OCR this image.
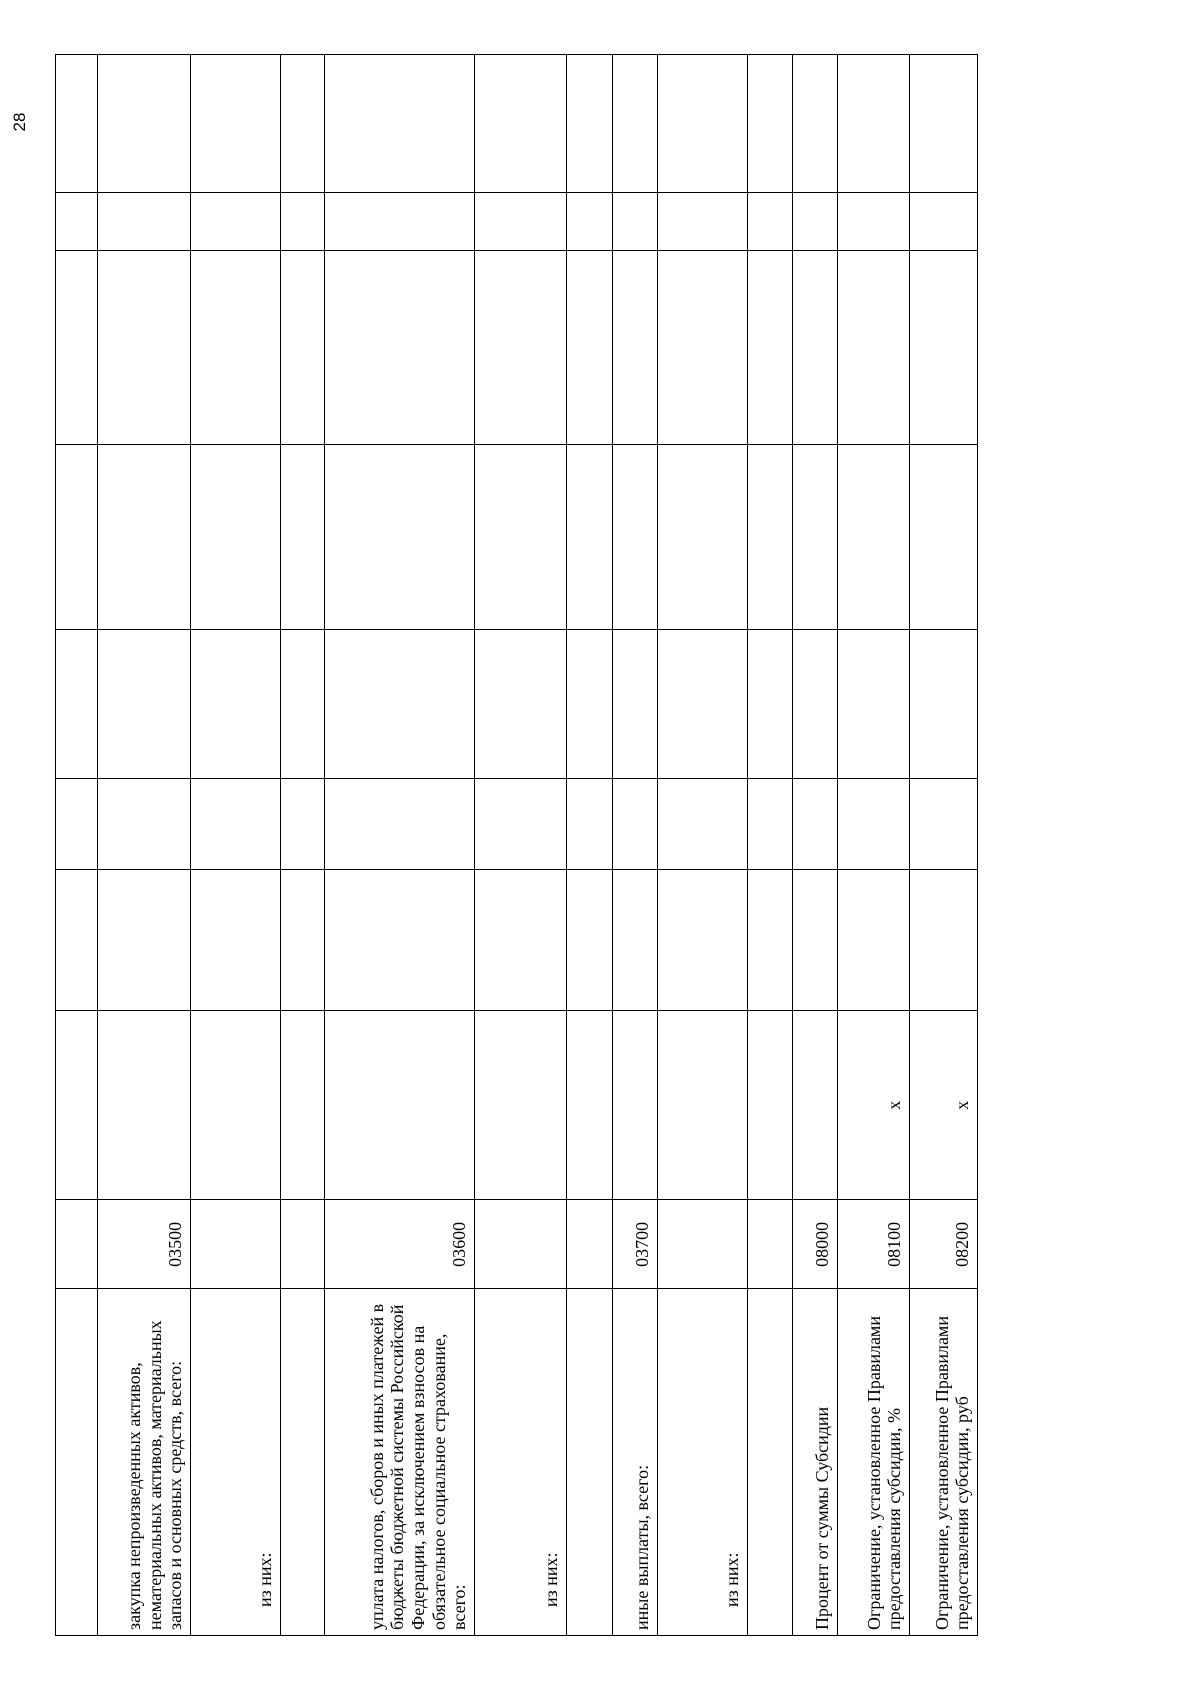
28

закупка непроизведенных активов, нематериальных активов, материальных запасов и основных средств, всего:	03500								
из них:									

уплата налогов, сборов и иных платежей в бюджеты бюджетной системы Российской Федерации, за исключением взносов на обязательное социальное страхование, всего:	03600								
из них:									

иные выплаты, всего:	03700								
из них:									

Процент от суммы Субсидии	08000								
Ограничение, установленное Правилами предоставления субсидии, %	08100	x							
Ограничение, установленное Правилами предоставления субсидии, руб	08200	x							
